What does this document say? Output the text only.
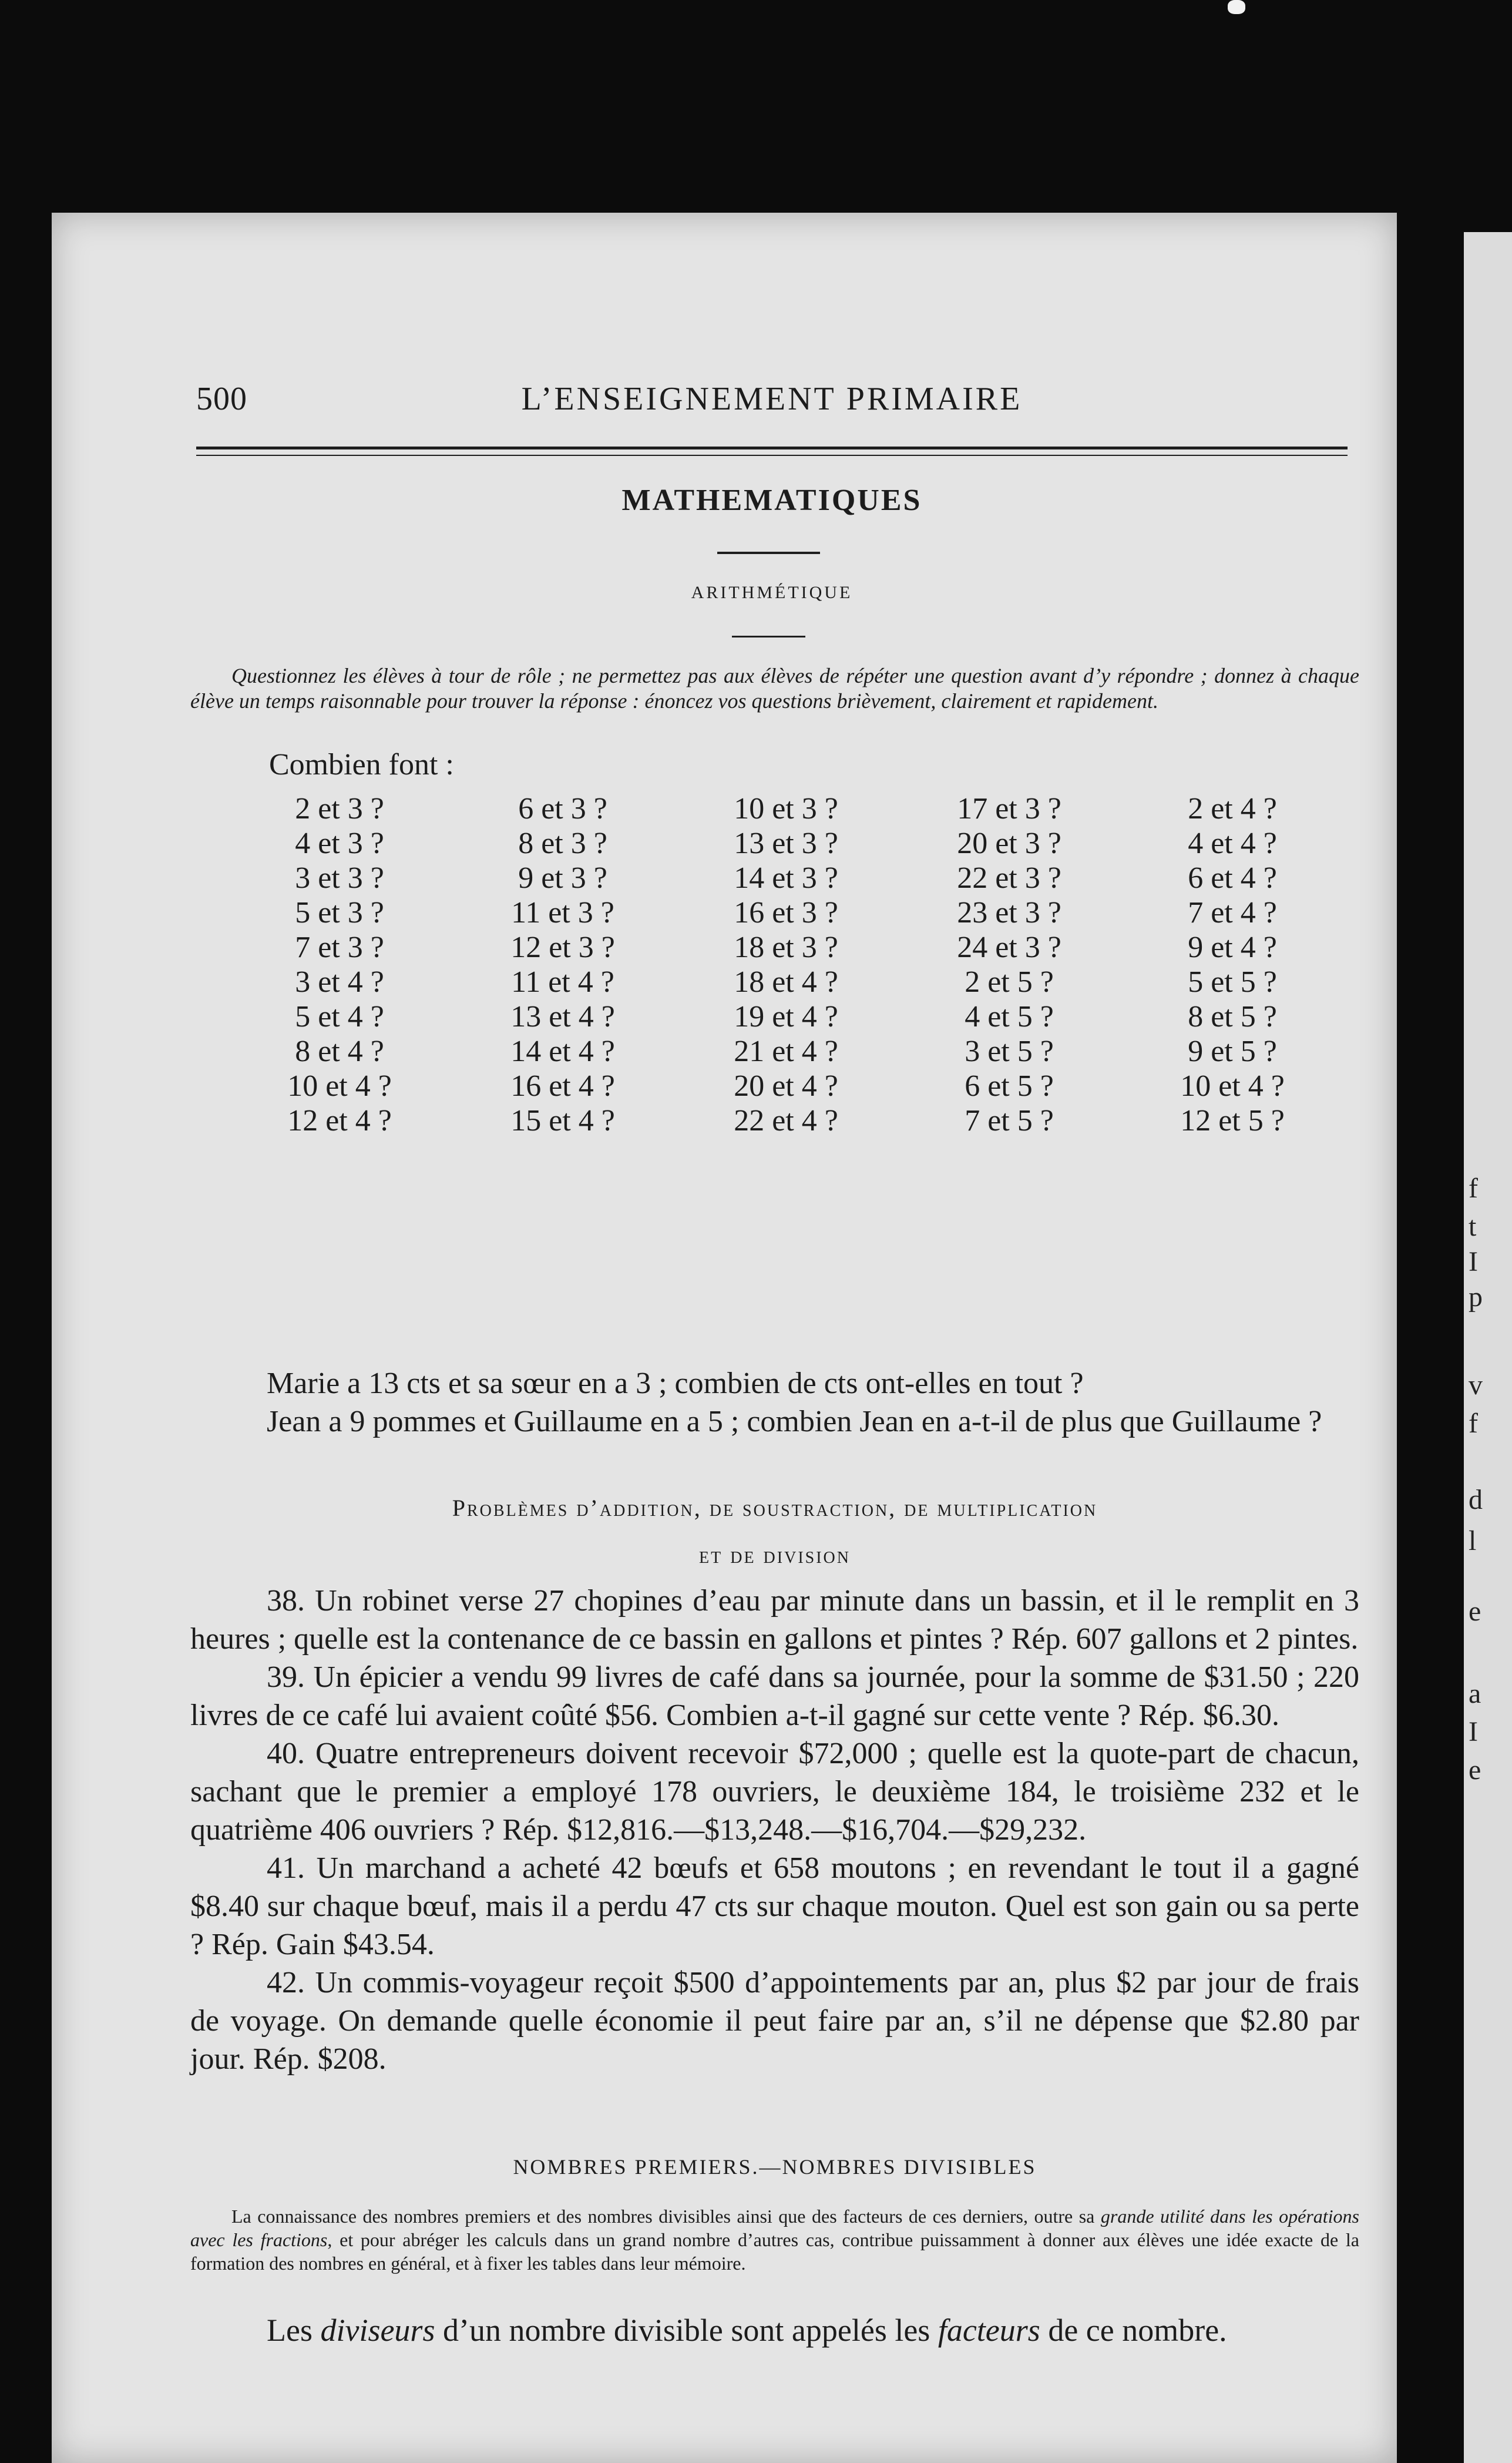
f
t
I
p
v
f
d
l
e
a
I
e
500	L’ENSEIGNEMENT PRIMAIRE
MATHEMATIQUES
ARITHMÉTIQUE
Questionnez les élèves à tour de rôle ; ne permettez pas aux élèves de répéter une question avant d’y répondre ; donnez à chaque élève un temps raisonnable pour trouver la réponse : énoncez vos questions brièvement, clairement et rapidement.
Combien font :
2 et 3 ?	6 et 3 ?	10 et 3 ?	17 et 3 ?	2 et 4 ?
4 et 3 ?	8 et 3 ?	13 et 3 ?	20 et 3 ?	4 et 4 ?
3 et 3 ?	9 et 3 ?	14 et 3 ?	22 et 3 ?	6 et 4 ?
5 et 3 ?	11 et 3 ?	16 et 3 ?	23 et 3 ?	7 et 4 ?
7 et 3 ?	12 et 3 ?	18 et 3 ?	24 et 3 ?	9 et 4 ?
3 et 4 ?	11 et 4 ?	18 et 4 ?	2 et 5 ?	5 et 5 ?
5 et 4 ?	13 et 4 ?	19 et 4 ?	4 et 5 ?	8 et 5 ?
8 et 4 ?	14 et 4 ?	21 et 4 ?	3 et 5 ?	9 et 5 ?
10 et 4 ?	16 et 4 ?	20 et 4 ?	6 et 5 ?	10 et 4 ?
12 et 4 ?	15 et 4 ?	22 et 4 ?	7 et 5 ?	12 et 5 ?

Marie a 13 cts et sa sœur en a 3 ; combien de cts ont-elles en tout ?

Jean a 9 pommes et Guillaume en a 5 ; combien Jean en a-t-il de plus que Guillaume ?

Problèmes d’addition, de soustraction, de multiplication
et de division

38. Un robinet verse 27 chopines d’eau par minute dans un bassin, et il le remplit en 3 heures ; quelle est la contenance de ce bassin en gallons et pintes ? Rép. 607 gallons et 2 pintes.

39. Un épicier a vendu 99 livres de café dans sa journée, pour la somme de $31.50 ; 220 livres de ce café lui avaient coûté $56. Combien a-t-il gagné sur cette vente ? Rép. $6.30.

40. Quatre entrepreneurs doivent recevoir $72,000 ; quelle est la quote-part de chacun, sachant que le premier a employé 178 ouvriers, le deuxième 184, le troisième 232 et le quatrième 406 ouvriers ? Rép. $12,816.—$13,248.—$16,704.—$29,232.

41. Un marchand a acheté 42 bœufs et 658 moutons ; en revendant le tout il a gagné $8.40 sur chaque bœuf, mais il a perdu 47 cts sur chaque mouton. Quel est son gain ou sa perte ? Rép. Gain $43.54.

42. Un commis-voyageur reçoit $500 d’appointements par an, plus $2 par jour de frais de voyage. On demande quelle économie il peut faire par an, s’il ne dépense que $2.80 par jour. Rép. $208.

NOMBRES PREMIERS.—NOMBRES DIVISIBLES
La connaissance des nombres premiers et des nombres divisibles ainsi que des facteurs de ces derniers, outre sa grande utilité dans les opérations avec les fractions, et pour abréger les calculs dans un grand nombre d’autres cas, contribue puissamment à donner aux élèves une idée exacte de la formation des nombres en général, et à fixer les tables dans leur mémoire.

Les diviseurs d’un nombre divisible sont appelés les facteurs de ce nombre.
